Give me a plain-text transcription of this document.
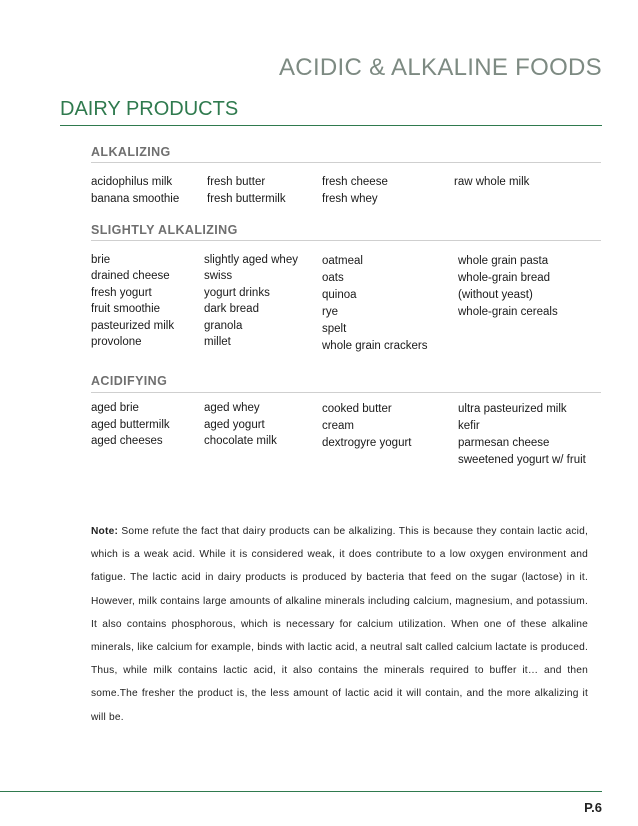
ACIDIC & ALKALINE FOODS
DAIRY PRODUCTS
ALKALIZING
acidophilus milk
banana smoothie
fresh butter
fresh buttermilk
fresh cheese
fresh whey
raw whole milk
SLIGHTLY ALKALIZING
brie
drained cheese
fresh yogurt
fruit smoothie
pasteurized milk
provolone
slightly aged whey
swiss
yogurt drinks
dark bread
granola
millet
oatmeal
oats
quinoa
rye
spelt
whole grain crackers
whole grain pasta
whole-grain bread
(without yeast)
whole-grain cereals
ACIDIFYING
aged brie
aged buttermilk
aged cheeses
aged whey
aged yogurt
chocolate milk
cooked butter
cream
dextrogyre yogurt
ultra pasteurized milk
kefir
parmesan cheese
sweetened yogurt w/ fruit
Note: Some refute the fact that dairy products can be alkalizing. This is because they contain lactic acid, which is a weak acid. While it is considered weak, it does contribute to a low oxygen environment and fatigue. The lactic acid in dairy products is produced by bacteria that feed on the sugar (lactose) in it. However, milk contains large amounts of alkaline minerals including calcium, magnesium, and potassium. It also contains phosphorous, which is necessary for calcium utilization. When one of these alkaline minerals, like calcium for example, binds with lactic acid, a neutral salt called calcium lactate is produced. Thus, while milk contains lactic acid, it also contains the minerals required to buffer it… and then some.The fresher the product is, the less amount of lactic acid it will contain, and the more alkalizing it will be.
P.6
